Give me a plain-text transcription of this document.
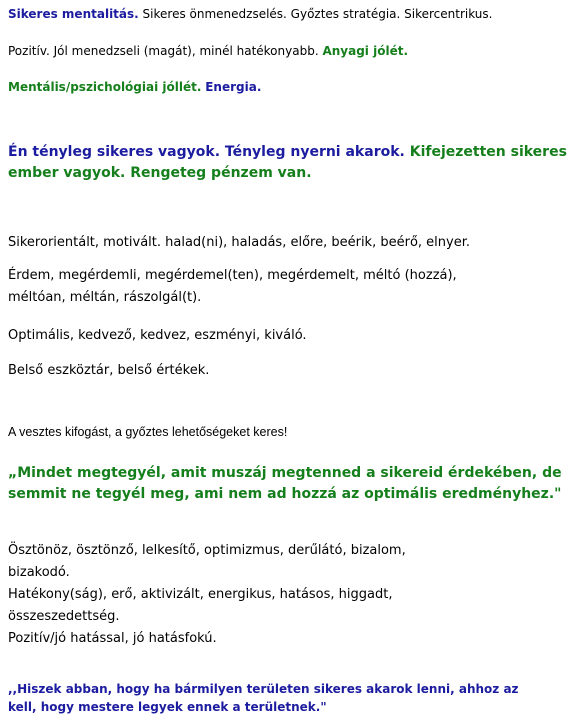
Sikeres mentalitás. Sikeres önmenedzselés. Győztes stratégia. Sikercentrikus.

Pozitív. Jól menedzseli (magát), minél hatékonyabb. Anyagi jólét.

Mentális/pszichológiai jóllét. Energia.

Én tényleg sikeres vagyok. Tényleg nyerni akarok. Kifejezetten sikeres
ember vagyok. Rengeteg pénzem van.

Sikerorientált, motivált. halad(ni), haladás, előre, beérik, beérő, elnyer.

Érdem, megérdemli, megérdemel(ten), megérdemelt, méltó (hozzá),
méltóan, méltán, rászolgál(t).

Optimális, kedvező, kedvez, eszményi, kiváló.

Belső eszköztár, belső értékek.

A vesztes kifogást, a győztes lehetőségeket keres!

„Mindet megtegyél, amit muszáj megtenned a sikereid érdekében, de
semmit ne tegyél meg, ami nem ad hozzá az optimális eredményhez."
Ösztönöz, ösztönző, lelkesítő, optimizmus, derűlátó, bizalom,
bizakodó.
Hatékony(ság), erő, aktivizált, energikus, hatásos, higgadt,
összeszedettség.
Pozitív/jó hatással, jó hatásfokú.
,,Hiszek abban, hogy ha bármilyen területen sikeres akarok lenni, ahhoz az
kell, hogy mestere legyek ennek a területnek."
